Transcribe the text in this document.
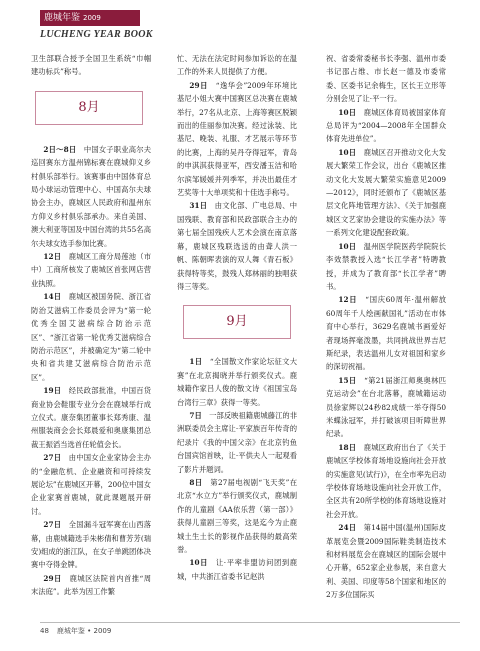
鹿城年鉴 2009
LUCHENG YEAR BOOK

卫生部联合授予全国卫生系统“巾帼建功标兵”称号。

8月

2日～8日　 中国女子职业高尔夫巡回赛东方温州锦标赛在鹿城仰义乡村俱乐部举行。该赛事由中国体育总局小球运动管理中心、中国高尔夫球协会主办，鹿城区人民政府和温州东方仰义乡村俱乐部承办。来自美国、澳大利亚等国及中国台湾的共55名高尔夫球女选手参加比赛。

12日　 鹿城区工商分局莲池（市中）工商所核发了鹿城区首张网店营业执照。

14日　 鹿城区被国务院、浙江省防治艾滋病工作委员会评为“第一轮优秀全国艾滋病综合防治示范区”、“浙江省第一轮优秀艾滋病综合防治示范区”，并被确定为“第二轮中央和省共建艾滋病综合防治示范区”。

19日　 经民政部批准，中国百货商业协会鞋服专业分会在鹿城举行成立仪式。康奈集团董事长郑秀康、温州服装商会会长郑晨爱和奥康集团总裁王振滔当选首任轮值会长。

27日　 由中国女企业家协会主办的“金融危机、企业融资和可持续发展论坛”在鹿城区开幕，200位中国女企业家赛首鹿城，就此课题展开研讨。

27日　 全国漏斗冠军赛在山西落幕，由鹿城籍选手朱彬倩和曹芳芳(瑞安)组成的浙江队，在女子单跳团体决赛中夺得金牌。

29日　 鹿城区法院首内首推“周末法庭”。此举为因工作繁

忙、无法在法定时间参加诉讼的在温工作的外来人员提供了方便。

29日　 “逸华会”2009年环境比基尼小姐大赛中国赛区总决赛在鹿城举行，27名从北京、上海等赛区脱颖而出的佳丽参加决赛。经过泳装、比基尼、晚装、礼服、才艺展示等环节的比赛，上海的吴丹夺得冠军，青岛的申淇淇获得亚军，西安潘玉洁和哈尔滨邹媛媛并列季军，并决出最佳才艺奖等十大单项奖和十佳选手称号。

31日　 由文化部、广电总局、中国残联、教育部和民政部联合主办的第七届全国残疾人艺术会演在南京落幕，鹿城区残联选送的由聋人洪一帆、陈朝晖表演的双人舞《青石板》获得特等奖，鼓残人郑林丽的独唱获得三等奖。

9月

1日　 “全国散文作家论坛征文大赛”在北京揭晓并举行颁奖仪式。鹿城籍作家吕人俊的散文诗《祖国宝岛台湾行三章》获得一等奖。

7日　 一部反映祖籍鹿城藤江的非洲联委员会主席让·平家族百年传奇的纪录片《我的中国父亲》在北京钓鱼台国宾馆首映，让·平供夫人一起观看了影片并题词。

8日　 第27届电视剧“飞天奖”在北京“水立方”举行颁奖仪式，鹿城制作的儿童剧《AA依乐营（第一部）》获得儿童剧三等奖，这是迄今为止鹿城土生土长的影视作品获得的最高荣誉。

10日　 让·平率非盟访问团到鹿城，中共浙江省委书记赵洪

祝、省委常委秘书长李强、温州市委书记邵占维、市长赵一德及市委常委、区委书记余梅生，区长王立形等分别会见了让·平一行。

10日　 鹿城区体育局被国家体育总局评为“2004—2008年全国群众体育先进单位”。

10日　 鹿城区召开推动文化大发展大繁荣工作会议，出台《鹿城区推动文化大发展大繁荣实施意见2009—2012》，同时还颁布了《鹿城区基层文化阵地管理方法》、《关于加强鹿城区文艺家协会建设的实施办法》等一系列文化建设配套政策。

10日　 温州医学院医药学院院长李效禁教授入选“长江学者”特聘教授，并成为了教育部“长江学者”聘书。

12日　 “国庆60周年·温州解放60周年千人绘画献国礼”活动在市体育中心举行，3629名鹿城书画爱好者现场挥毫泼墨，共同挑战世界吉尼斯纪录，表达温州儿女对祖国和家乡的深切祝福。

15日　 “第21届浙江师奥奥林匹克运动会”在台北落幕，鹿城籍运动员徐家辉以24秒82成绩一举夺得50米蝶泳冠军，并打破该项目听障世界纪录。

18日　 鹿城区政府出台了《关于鹿城区学校体育场地设施向社会开放的实施意见(试行)》，在全市率先启动学校体育场地设施向社会开放工作，全区共有20所学校的体育场地设施对社会开放。

24日　 第14届中国(温州)国际皮革展览会暨2009国际鞋类制造技术和材料展览会在鹿城区的国际会展中心开幕，652家企业参展，来自意大利、美国、印度等58个国家和地区的2万多位国际买

48 鹿城年鉴 • 2009
